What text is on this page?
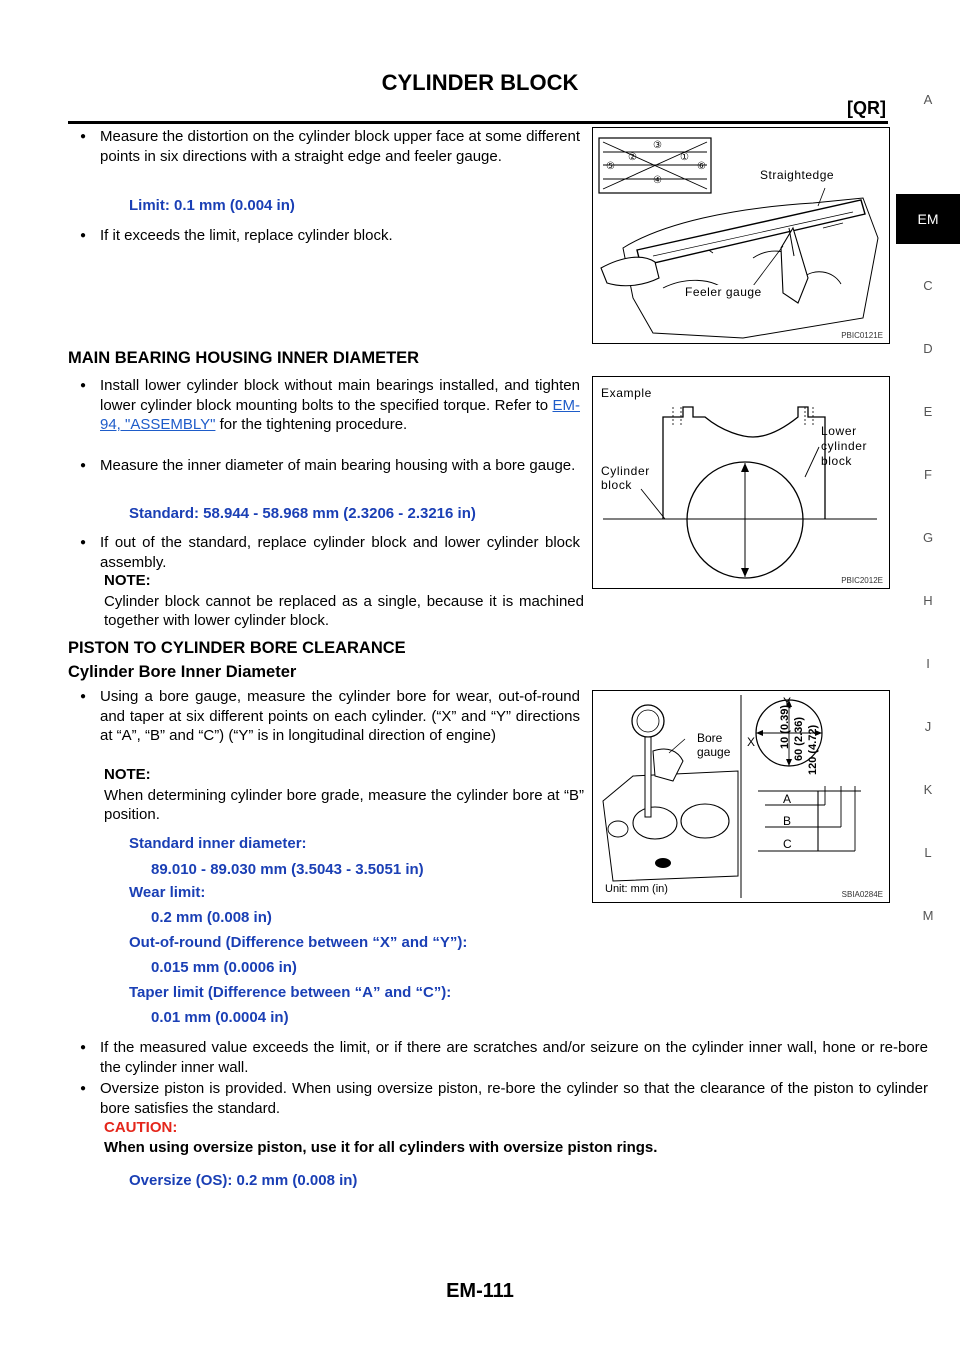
CYLINDER BLOCK
[QR]	A
EM
C
D
E
F
G
H
I
J
K
L
M
● Measure the distortion on the cylinder block upper face at some different points in six directions with a straight edge and feeler gauge.
Limit: 0.1 mm (0.004 in)
● If it exceeds the limit, replace cylinder block.
⑤
②
③
①
⑥
④	Straightedge
Feeler gauge
PBIC0121E
MAIN BEARING HOUSING INNER DIAMETER
● Install lower cylinder block without main bearings installed, and tighten lower cylinder block mounting bolts to the specified torque. Refer to EM-94, "ASSEMBLY" for the tightening procedure.
● Measure the inner diameter of main bearing housing with a bore gauge.
Standard: 58.944 - 58.968 mm (2.3206 - 2.3216 in)
● If out of the standard, replace cylinder block and lower cylinder block assembly.
NOTE:
Cylinder block cannot be replaced as a single, because it is machined together with lower cylinder block.
Example
Cylinder
block
Lower
cylinder
block
PBIC2012E
PISTON TO CYLINDER BORE CLEARANCE
Cylinder Bore Inner Diameter
● Using a bore gauge, measure the cylinder bore for wear, out-of-round and taper at six different points on each cylinder. (“X” and “Y” directions at “A”, “B” and “C”) (“Y” is in longitudinal direction of engine)
NOTE:
When determining cylinder bore grade, measure the cylinder bore at “B” position.
Standard inner diameter:
89.010 - 89.030 mm (3.5043 - 3.5051 in)
Wear limit:
0.2 mm (0.008 in)
Out-of-round (Difference between “X” and “Y”):
0.015 mm (0.0006 in)
Taper limit (Difference between “A” and “C”):
0.01 mm (0.0004 in)
● If the measured value exceeds the limit, or if there are scratches and/or seizure on the cylinder inner wall, hone or re-bore the cylinder inner wall.
● Oversize piston is provided. When using oversize piston, re-bore the cylinder so that the clearance of the piston to cylinder bore satisfies the standard.
CAUTION:
When using oversize piston, use it for all cylinders with oversize piston rings.
Oversize (OS): 0.2 mm (0.008 in)
Bore
gauge
X
Y
A
B
C
10 (0.39) 60 (2.36) 120 (4.72)
Unit: mm (in)	SBIA0284E
EM-111
